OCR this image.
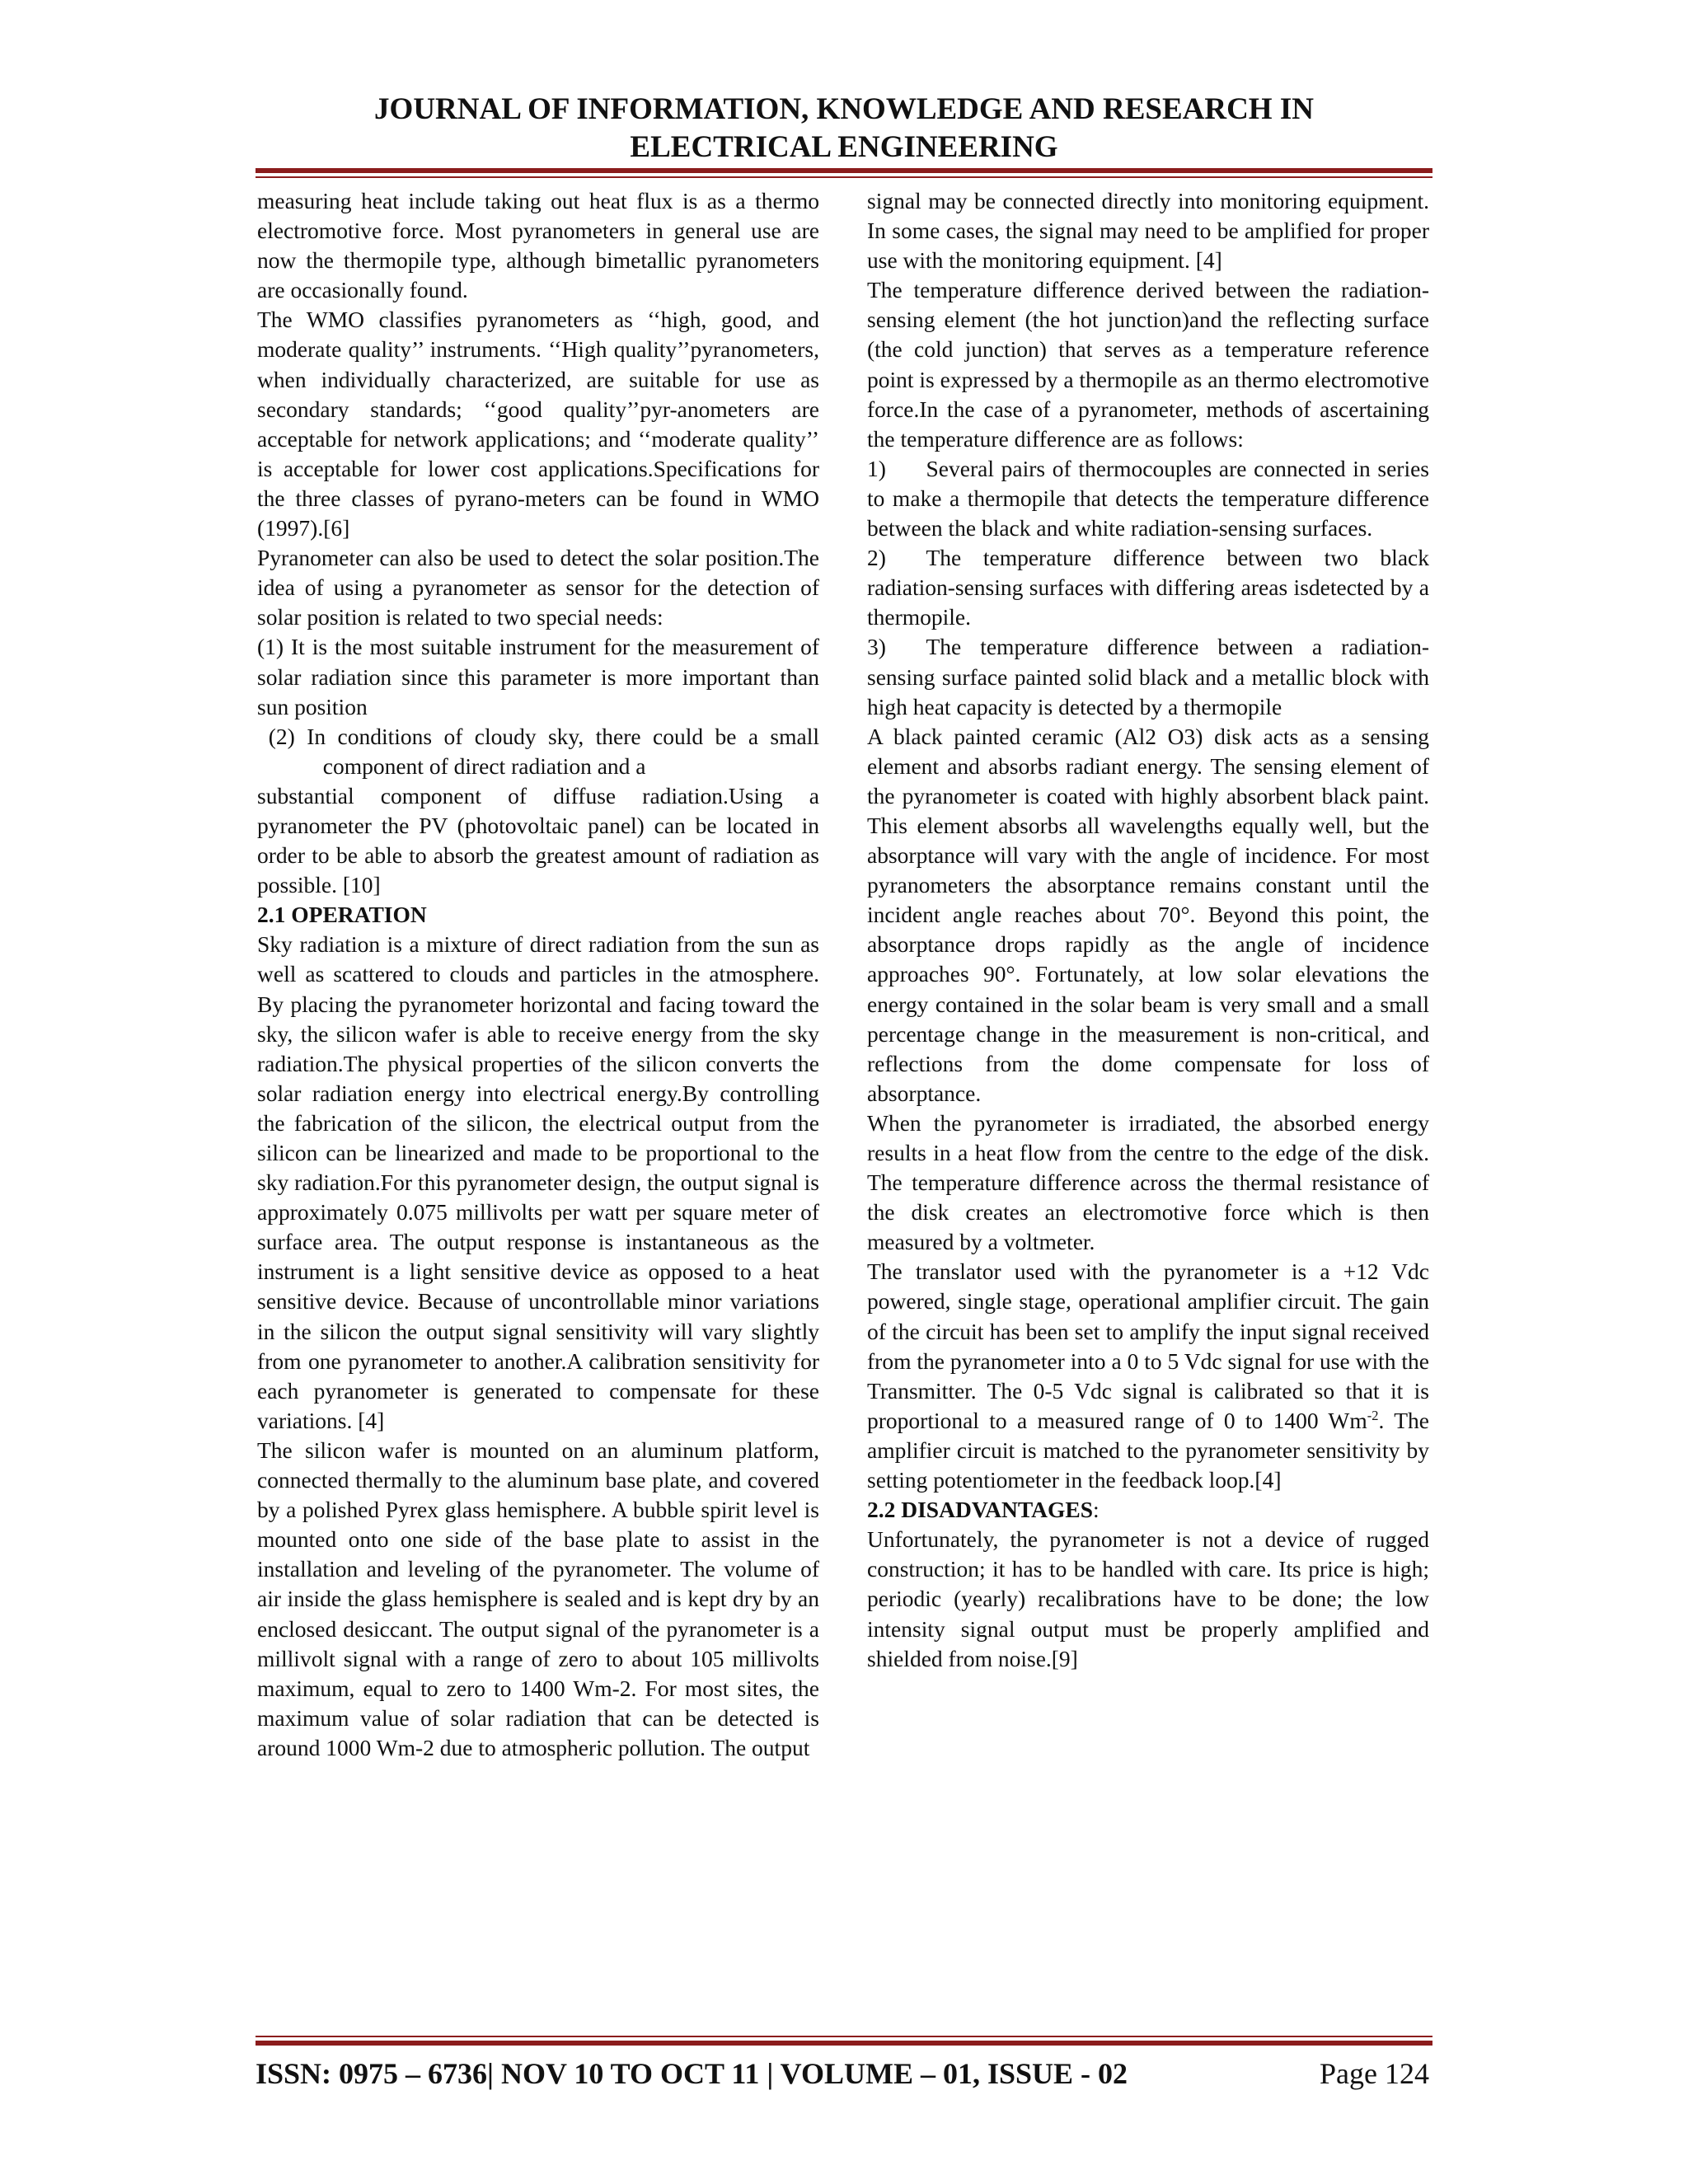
JOURNAL OF INFORMATION, KNOWLEDGE AND RESEARCH IN
ELECTRICAL ENGINEERING

measuring heat include taking out heat flux is as a thermo electromotive force. Most pyranometers in general use are now the thermopile type, although bimetallic pyranometers are occasionally found.

The WMO classifies pyranometers as ‘‘high, good, and moderate quality’’ instruments. ‘‘High quality’’pyranometers, when individually characterized, are suitable for use as secondary standards; ‘‘good quality’’pyr-anometers are acceptable for network applications; and ‘‘moderate quality’’ is acceptable for lower cost applications.Specifications for the three classes of pyrano-meters can be found in WMO (1997).[6]

Pyranometer can also be used to detect the solar position.The idea of using a pyranometer as sensor for the detection of solar position is related to two special needs:

(1) It is the most suitable instrument for the measurement of solar radiation since this parameter is more important than sun position

(2) In conditions of cloudy sky, there could be a small component of direct radiation and a

substantial component of diffuse radiation.Using a pyranometer the PV (photovoltaic panel) can be located in order to be able to absorb the greatest amount of radiation as possible. [10]

2.1 OPERATION

Sky radiation is a mixture of direct radiation from the sun as well as scattered to clouds and particles in the atmosphere. By placing the pyranometer horizontal and facing toward the sky, the silicon wafer is able to receive energy from the sky radiation.The physical properties of the silicon converts the solar radiation energy into electrical energy.By controlling the fabrication of the silicon, the electrical output from the silicon can be linearized and made to be proportional to the sky radiation.For this pyranometer design, the output signal is approximately 0.075 millivolts per watt per square meter of surface area. The output response is instantaneous as the instrument is a light sensitive device as opposed to a heat sensitive device. Because of uncontrollable minor variations in the silicon the output signal sensitivity will vary slightly from one pyranometer to another.A calibration sensitivity for each pyranometer is generated to compensate for these variations. [4]

The silicon wafer is mounted on an aluminum platform, connected thermally to the aluminum base plate, and covered by a polished Pyrex glass hemisphere. A bubble spirit level is mounted onto one side of the base plate to assist in the installation and leveling of the pyranometer. The volume of air inside the glass hemisphere is sealed and is kept dry by an enclosed desiccant. The output signal of the pyranometer is a millivolt signal with a range of zero to about 105 millivolts maximum, equal to zero to 1400 Wm-2. For most sites, the maximum value of solar radiation that can be detected is around 1000 Wm-2 due to atmospheric pollution. The output

signal may be connected directly into monitoring equipment. In some cases, the signal may need to be amplified for proper use with the monitoring equipment. [4]

The temperature difference derived between the radiation-sensing element (the hot junction)and the reflecting surface (the cold junction) that serves as a temperature reference point is expressed by a thermopile as an thermo electromotive force.In the case of a pyranometer, methods of ascertaining the temperature difference are as follows:

1) Several pairs of thermocouples are connected in series to make a thermopile that detects the temperature difference between the black and white radiation-sensing surfaces.

2) The temperature difference between two black radiation-sensing surfaces with differing areas isdetected by a thermopile.

3) The temperature difference between a radiation-sensing surface painted solid black and a metallic block with high heat capacity is detected by a thermopile

A black painted ceramic (Al2 O3) disk acts as a sensing element and absorbs radiant energy. The sensing element of the pyranometer is coated with highly absorbent black paint. This element absorbs all wavelengths equally well, but the absorptance will vary with the angle of incidence. For most pyranometers the absorptance remains constant until the incident angle reaches about 70°. Beyond this point, the absorptance drops rapidly as the angle of incidence approaches 90°. Fortunately, at low solar elevations the energy contained in the solar beam is very small and a small percentage change in the measurement is non-critical, and reflections from the dome compensate for loss of absorptance.

When the pyranometer is irradiated, the absorbed energy results in a heat flow from the centre to the edge of the disk. The temperature difference across the thermal resistance of the disk creates an electromotive force which is then measured by a voltmeter.

The translator used with the pyranometer is a +12 Vdc powered, single stage, operational amplifier circuit. The gain of the circuit has been set to amplify the input signal received from the pyranometer into a 0 to 5 Vdc signal for use with the Transmitter. The 0-5 Vdc signal is calibrated so that it is proportional to a measured range of 0 to 1400 $Wm^{-2}$. The amplifier circuit is matched to the pyranometer sensitivity by setting potentiometer in the feedback loop.[4]

2.2 DISADVANTAGES:

Unfortunately, the pyranometer is not a device of rugged construction; it has to be handled with care. Its price is high; periodic (yearly) recalibrations have to be done; the low intensity signal output must be properly amplified and shielded from noise.[9]

ISSN: 0975 – 6736| NOV 10 TO OCT 11 | VOLUME – 01, ISSUE - 02	Page 124
